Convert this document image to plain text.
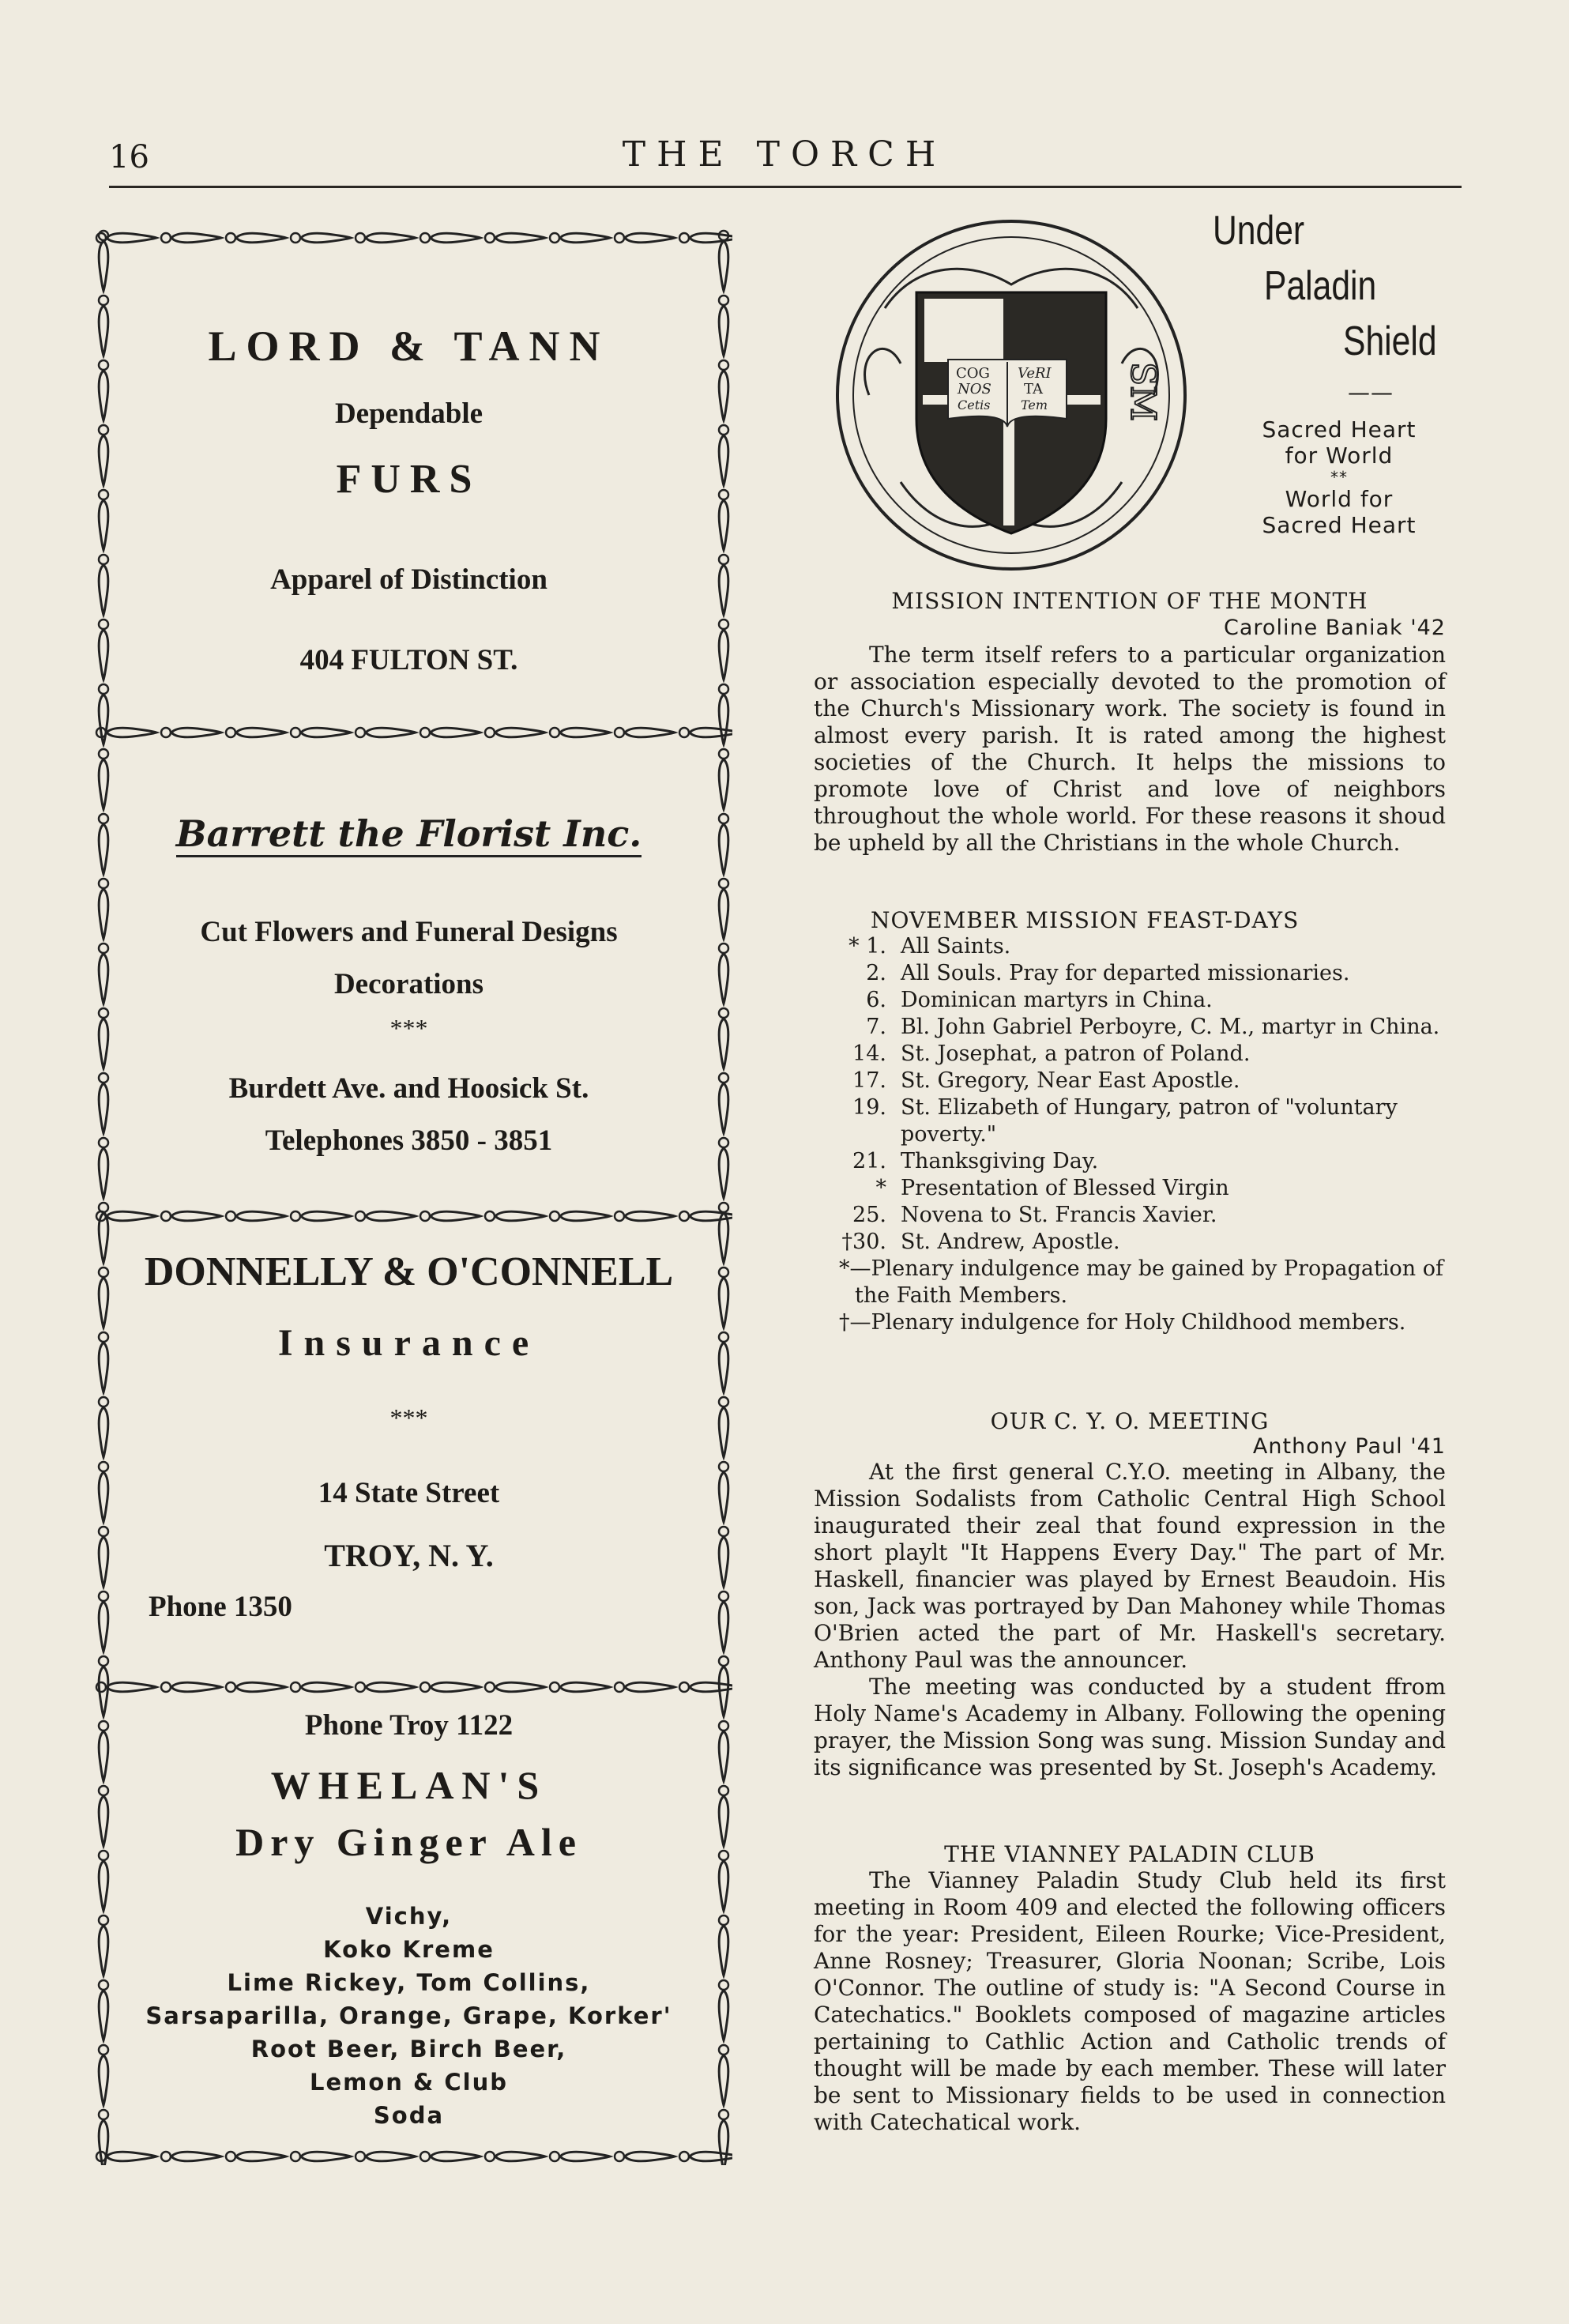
16	THE TORCH
LORD & TANN
Dependable
FURS
Apparel of Distinction
404 FULTON ST.
Barrett the Florist Inc.
Cut Flowers and Funeral Designs
Decorations
***
Burdett Ave. and Hoosick St.
Telephones 3850 - 3851
DONNELLY & O'CONNELL
Insurance
***
14 State Street
TROY, N. Y.
Phone 1350
Phone Troy 1122
WHELAN'S
Dry Ginger Ale
Vichy,
Koko Kreme
Lime Rickey, Tom Collins,
Sarsaparilla, Orange, Grape, Korker'
Root Beer, Birch Beer,
Lemon & Club
Soda
COG
NOS
Cetis
VeRI
TA
Tem SM
Under
Paladin
Shield
——
Sacred Heart
for World
**
World for
Sacred Heart
MISSION INTENTION OF THE MONTH
Caroline Baniak '42
The term itself refers to a particular organization or association especially devoted to the promotion of the Church's Missionary work. The society is found in almost every parish. It is rated among the highest societies of the Church. It helps the missions to promote love of Christ and love of neighbors throughout the whole world. For these reasons it shoud be upheld by all the Christians in the whole Church.
NOVEMBER MISSION FEAST-DAYS
* 1. All Saints.
2. All Souls. Pray for departed missionaries.
6. Dominican martyrs in China.
7. Bl. John Gabriel Perboyre, C. M., martyr in China.
14. St. Josephat, a patron of Poland.
17. St. Gregory, Near East Apostle.
19. St. Elizabeth of Hungary, patron of "voluntary poverty."
21. Thanksgiving Day.
* Presentation of Blessed Virgin
25. Novena to St. Francis Xavier.
†30. St. Andrew, Apostle.
*—Plenary indulgence may be gained by Propagation of the Faith Members.
†—Plenary indulgence for Holy Childhood members.
OUR C. Y. O. MEETING
Anthony Paul '41
At the first general C.Y.O. meeting in Albany, the Mission Sodalists from Catholic Central High School inaugurated their zeal that found expression in the short playlt "It Happens Every Day." The part of Mr. Haskell, financier was played by Ernest Beaudoin. His son, Jack was portrayed by Dan Mahoney while Thomas O'Brien acted the part of Mr. Haskell's secretary. Anthony Paul was the announcer.
The meeting was conducted by a student ffrom Holy Name's Academy in Albany. Following the opening prayer, the Mission Song was sung. Mission Sunday and its significance was presented by St. Joseph's Academy.
THE VIANNEY PALADIN CLUB
The Vianney Paladin Study Club held its first meeting in Room 409 and elected the following officers for the year: President, Eileen Rourke; Vice-President, Anne Rosney; Treasurer, Gloria Noonan; Scribe, Lois O'Connor. The outline of study is: "A Second Course in Catechatics." Booklets composed of magazine articles pertaining to Cathlic Action and Catholic trends of thought will be made by each member. These will later be sent to Missionary fields to be used in connection with Catechatical work.
